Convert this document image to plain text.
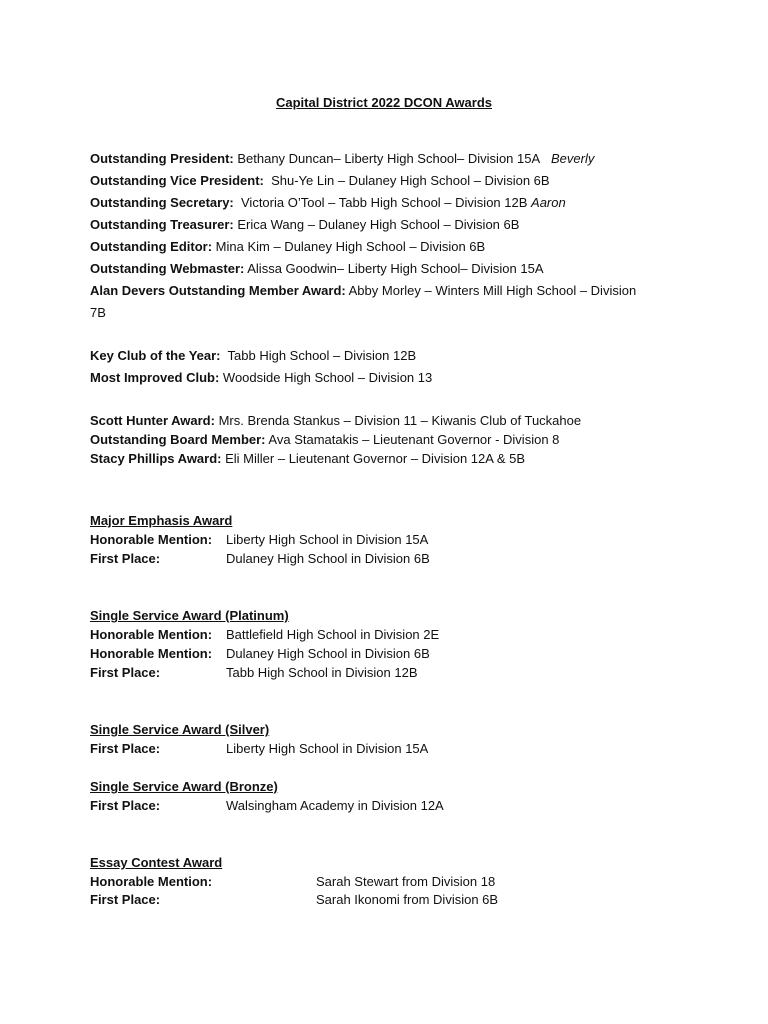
Capital District 2022 DCON Awards
Outstanding President: Bethany Duncan– Liberty High School– Division 15A Beverly
Outstanding Vice President: Shu-Ye Lin – Dulaney High School – Division 6B
Outstanding Secretary: Victoria O’Tool – Tabb High School – Division 12B Aaron
Outstanding Treasurer: Erica Wang – Dulaney High School – Division 6B
Outstanding Editor: Mina Kim – Dulaney High School – Division 6B
Outstanding Webmaster: Alissa Goodwin– Liberty High School– Division 15A
Alan Devers Outstanding Member Award: Abby Morley – Winters Mill High School – Division
7B
Key Club of the Year: Tabb High School – Division 12B
Most Improved Club: Woodside High School – Division 13
Scott Hunter Award: Mrs. Brenda Stankus – Division 11 – Kiwanis Club of Tuckahoe
Outstanding Board Member: Ava Stamatakis – Lieutenant Governor - Division 8
Stacy Phillips Award: Eli Miller – Lieutenant Governor – Division 12A & 5B
Major Emphasis Award
Honorable Mention:	Liberty High School in Division 15A
First Place:	Dulaney High School in Division 6B
Single Service Award (Platinum)
Honorable Mention:	Battlefield High School in Division 2E
Honorable Mention:	Dulaney High School in Division 6B
First Place:	Tabb High School in Division 12B
Single Service Award (Silver)
First Place:	Liberty High School in Division 15A
Single Service Award (Bronze)
First Place:	Walsingham Academy in Division 12A
Essay Contest Award
Honorable Mention:	Sarah Stewart from Division 18
First Place:	Sarah Ikonomi from Division 6B
